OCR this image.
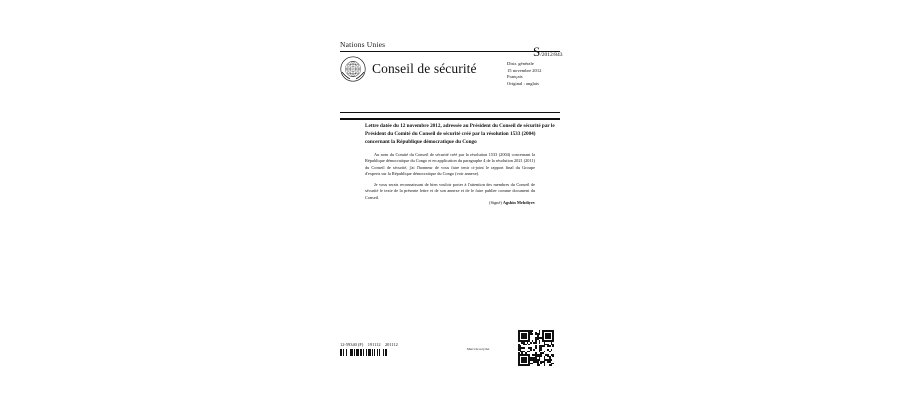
Nations Unies	S/2012/843
Conseil de sécurité	Distr. générale
15 novembre 2012
Français
Original : anglais
Lettre datée du 12 novembre 2012, adressée au Président du Conseil de sécurité par le Président du Comité du Conseil de sécurité créé par la résolution 1533 (2004) concernant la République démocratique du Congo

Au nom du Comité du Conseil de sécurité créé par la résolution 1533 (2004) concernant la République démocratique du Congo et en application du paragraphe 4 de la résolution 2021 (2011) du Conseil de sécurité, j'ai l'honneur de vous faire tenir ci-joint le rapport final du Groupe d'experts sur la République démocratique du Congo (voir annexe).

Je vous serais reconnaissant de bien vouloir porter à l'attention des membres du Conseil de sécurité le texte de la présente lettre et de son annexe et de le faire publier comme document du Conseil.

(Signé) Agshin Mehdiyev
12-59340 (F) 191112 201112
Merci de recycler
